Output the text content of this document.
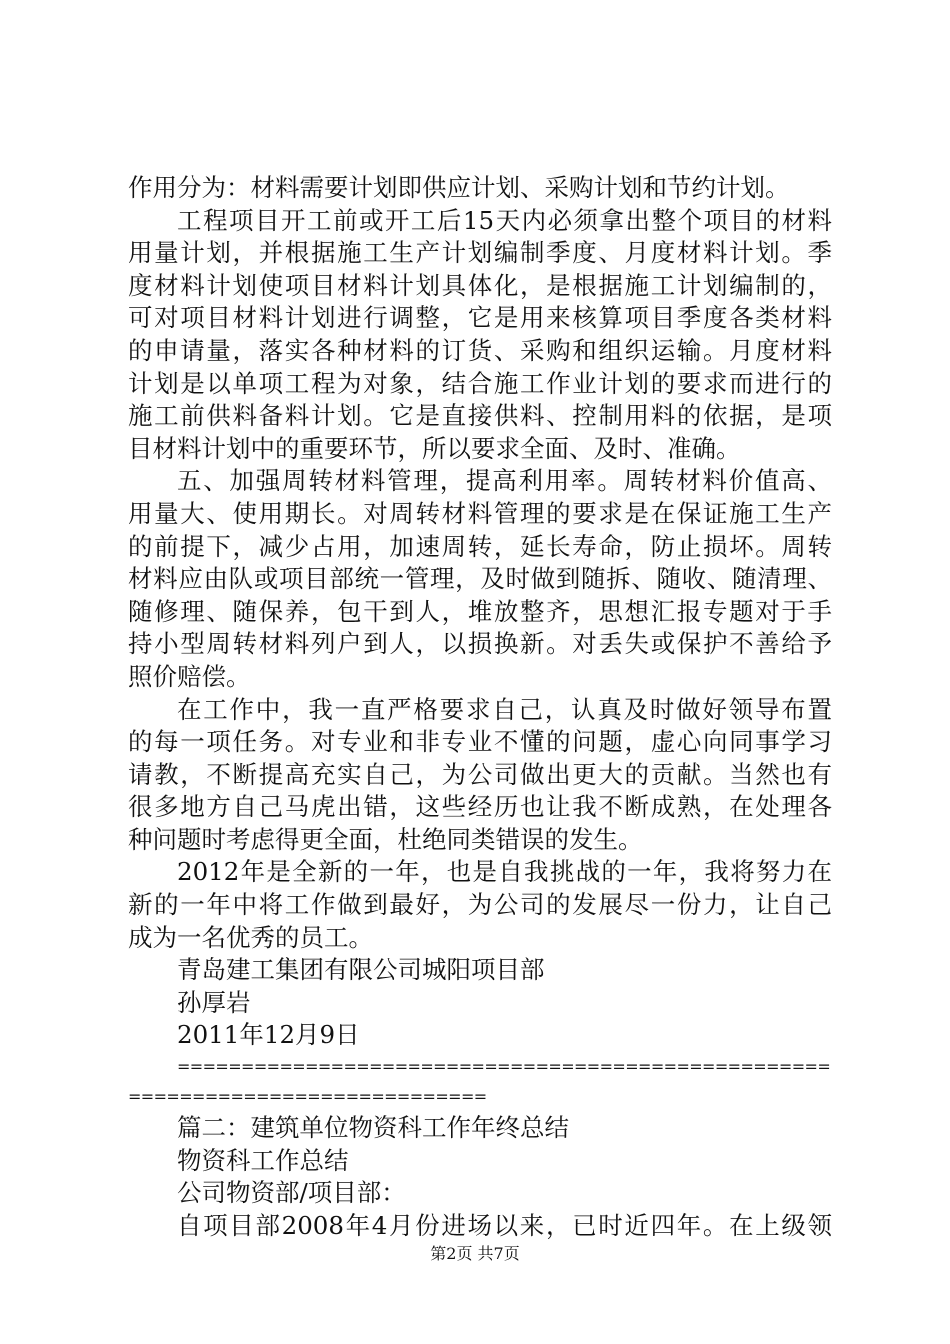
作用分为：材料需要计划即供应计划、采购计划和节约计划。
工程项目开工前或开工后15天内必须拿出整个项目的材料
用量计划，并根据施工生产计划编制季度、月度材料计划。季
度材料计划使项目材料计划具体化，是根据施工计划编制的，
可对项目材料计划进行调整，它是用来核算项目季度各类材料
的申请量，落实各种材料的订货、采购和组织运输。月度材料
计划是以单项工程为对象，结合施工作业计划的要求而进行的
施工前供料备料计划。它是直接供料、控制用料的依据，是项
目材料计划中的重要环节，所以要求全面、及时、准确。
五、加强周转材料管理，提高利用率。周转材料价值高、
用量大、使用期长。对周转材料管理的要求是在保证施工生产
的前提下，减少占用，加速周转，延长寿命，防止损坏。周转
材料应由队或项目部统一管理，及时做到随拆、随收、随清理、
随修理、随保养，包干到人，堆放整齐，思想汇报专题对于手
持小型周转材料列户到人，以损换新。对丢失或保护不善给予
照价赔偿。
在工作中，我一直严格要求自己，认真及时做好领导布置
的每一项任务。对专业和非专业不懂的问题，虚心向同事学习
请教，不断提高充实自己，为公司做出更大的贡献。当然也有
很多地方自己马虎出错，这些经历也让我不断成熟，在处理各
种问题时考虑得更全面，杜绝同类错误的发生。
2012年是全新的一年，也是自我挑战的一年，我将努力在
新的一年中将工作做到最好，为公司的发展尽一份力，让自己
成为一名优秀的员工。
青岛建工集团有限公司城阳项目部
孙厚岩
2011年12月9日
===================================================
============================
篇二：建筑单位物资科工作年终总结
物资科工作总结
公司物资部/项目部：
自项目部2008年4月份进场以来，已时近四年。在上级领
第2页 共7页
